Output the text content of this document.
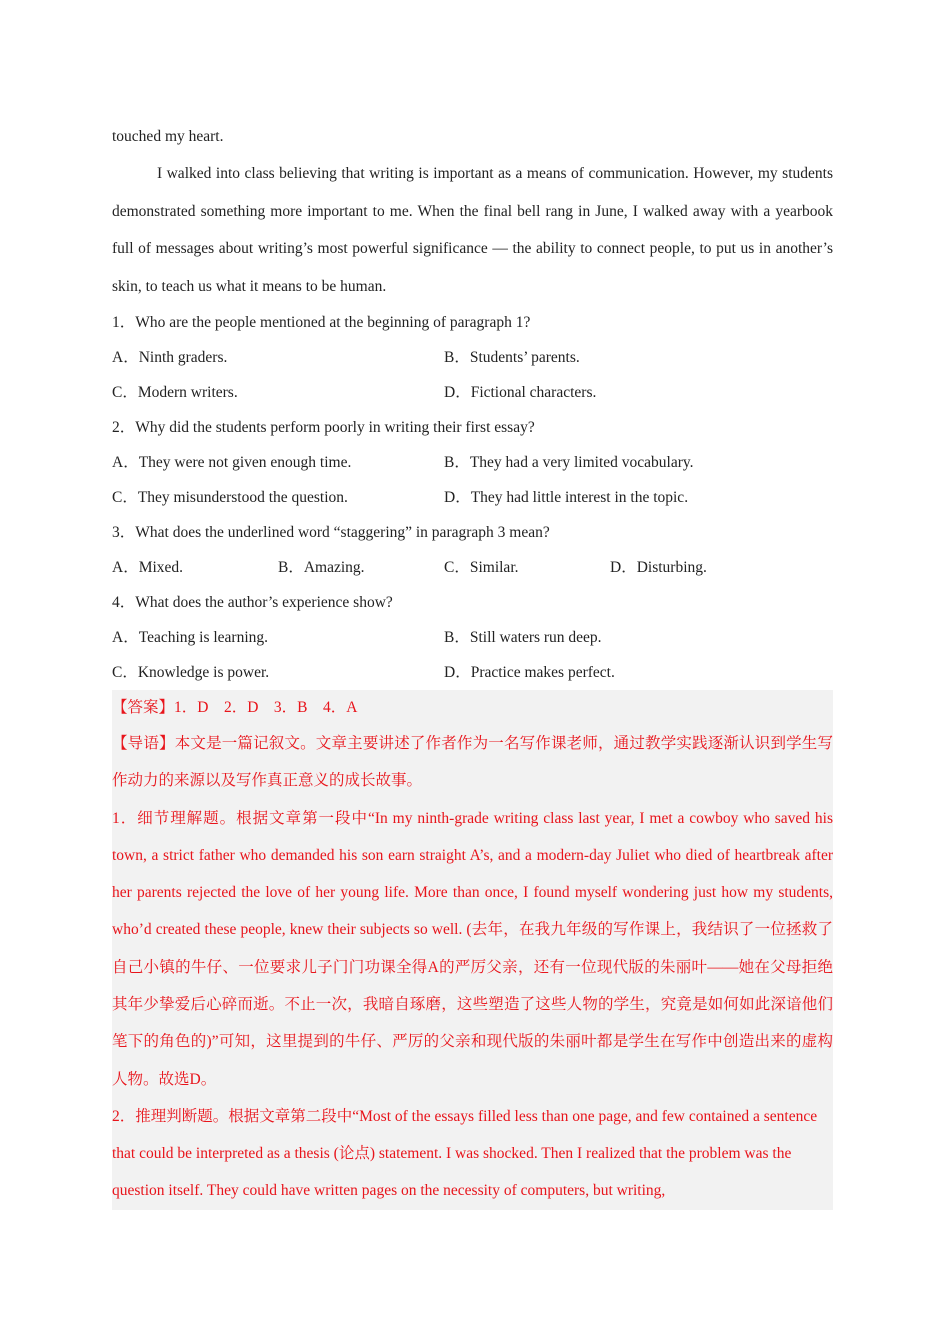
touched my heart.

I walked into class believing that writing is important as a means of communication. However, my students demonstrated something more important to me. When the final bell rang in June, I walked away with a yearbook full of messages about writing’s most powerful significance — the ability to connect people, to put us in another’s skin, to teach us what it means to be human.

1．Who are the people mentioned at the beginning of paragraph 1?

A．Ninth graders.	B．Students’ parents.
C．Modern writers.	D．Fictional characters.

2．Why did the students perform poorly in writing their first essay?

A．They were not given enough time.	B．They had a very limited vocabulary.
C．They misunderstood the question.	D．They had little interest in the topic.

3．What does the underlined word “staggering” in paragraph 3 mean?

A．Mixed.	B．Amazing.	C．Similar.	D．Disturbing.

4．What does the author’s experience show?

A．Teaching is learning.	B．Still waters run deep.
C．Knowledge is power.	D．Practice makes perfect.

【答案】1．D　2．D　3．B　4．A

【导语】本文是一篇记叙文。文章主要讲述了作者作为一名写作课老师，通过教学实践逐渐认识到学生写作动力的来源以及写作真正意义的成长故事。

1．细节理解题。根据文章第一段中“In my ninth-grade writing class last year, I met a cowboy who saved his town, a strict father who demanded his son earn straight A’s, and a modern-day Juliet who died of heartbreak after her parents rejected the love of her young life. More than once, I found myself wondering just how my students, who’d created these people, knew their subjects so well. (去年，在我九年级的写作课上，我结识了一位拯救了自己小镇的牛仔、一位要求儿子门门功课全得A的严厉父亲，还有一位现代版的朱丽叶——她在父母拒绝其年少挚爱后心碎而逝。不止一次，我暗自琢磨，这些塑造了这些人物的学生，究竟是如何如此深谙他们笔下的角色的)”可知，这里提到的牛仔、严厉的父亲和现代版的朱丽叶都是学生在写作中创造出来的虚构人物。故选D。

2．推理判断题。根据文章第二段中“Most of the essays filled less than one page, and few contained a sentence that could be interpreted as a thesis (论点) statement. I was shocked. Then I realized that the problem was the question itself. They could have written pages on the necessity of computers, but writing,
